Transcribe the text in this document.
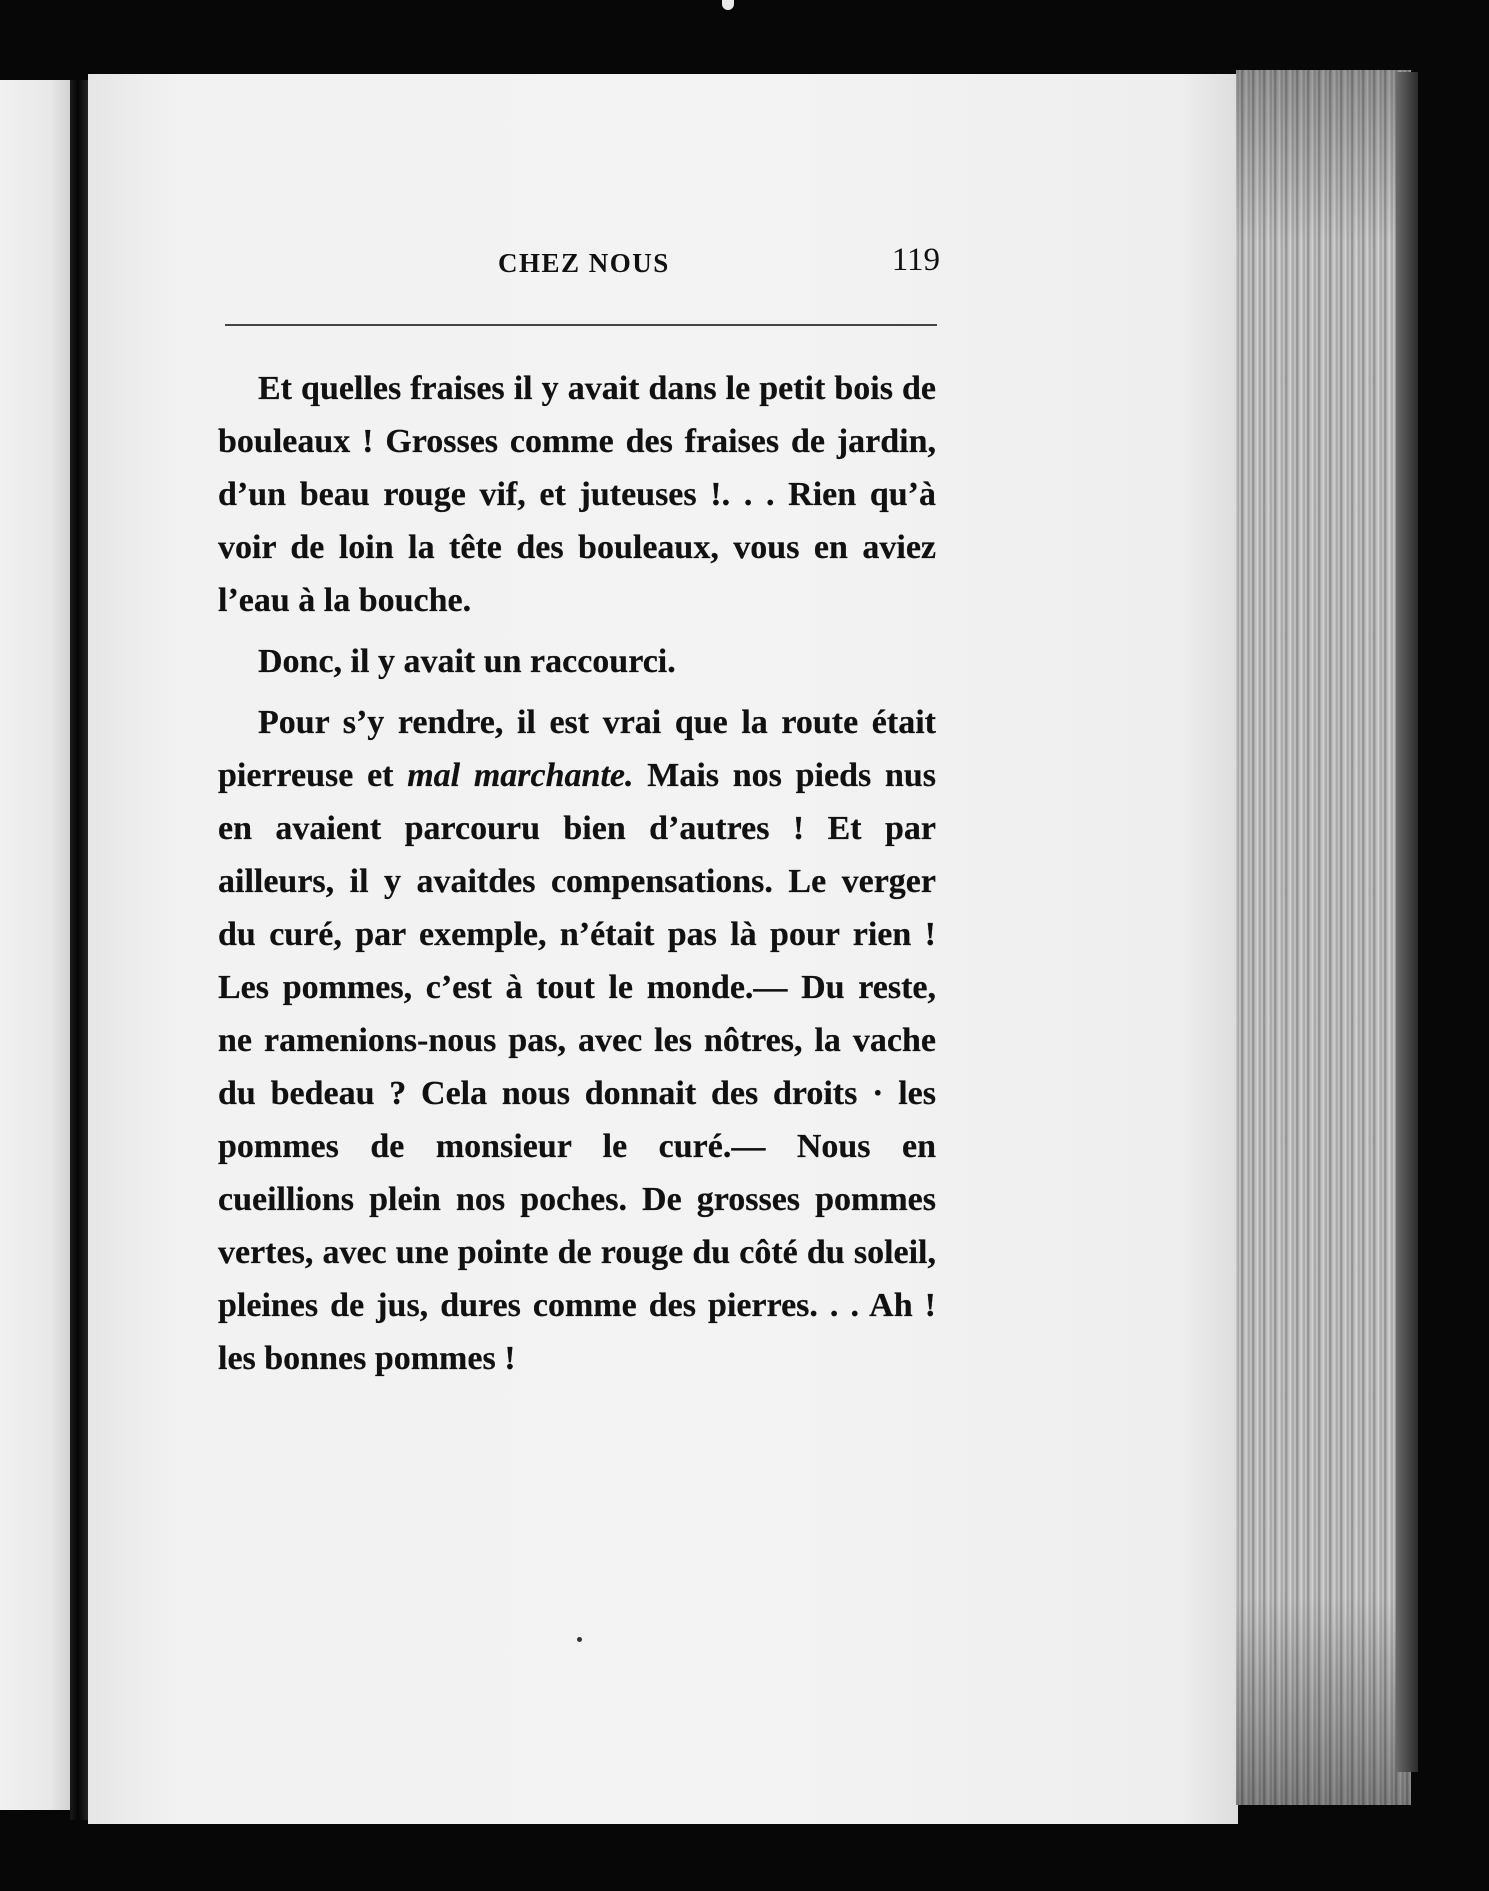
CHEZ NOUS	119

Et quelles fraises il y avait dans le petit bois de bouleaux ! Grosses comme des fraises de jardin, d’un beau rouge vif, et juteuses !. . . Rien qu’à voir de loin la tête des bouleaux, vous en aviez l’eau à la bouche.

Donc, il y avait un raccourci.

Pour s’y rendre, il est vrai que la route était pierreuse et mal marchante. Mais nos pieds nus en avaient parcouru bien d’autres ! Et par ailleurs, il y avaitdes compensations. Le verger du curé, par exemple, n’était pas là pour rien ! Les pommes, c’est à tout le monde.— Du reste, ne ramenions-nous pas, avec les nôtres, la vache du bedeau ? Cela nous donnait des droits · les pommes de monsieur le curé.— Nous en cueillions plein nos poches. De grosses pommes vertes, avec une pointe de rouge du côté du soleil, pleines de jus, dures comme des pierres. . . Ah ! les bonnes pommes !
